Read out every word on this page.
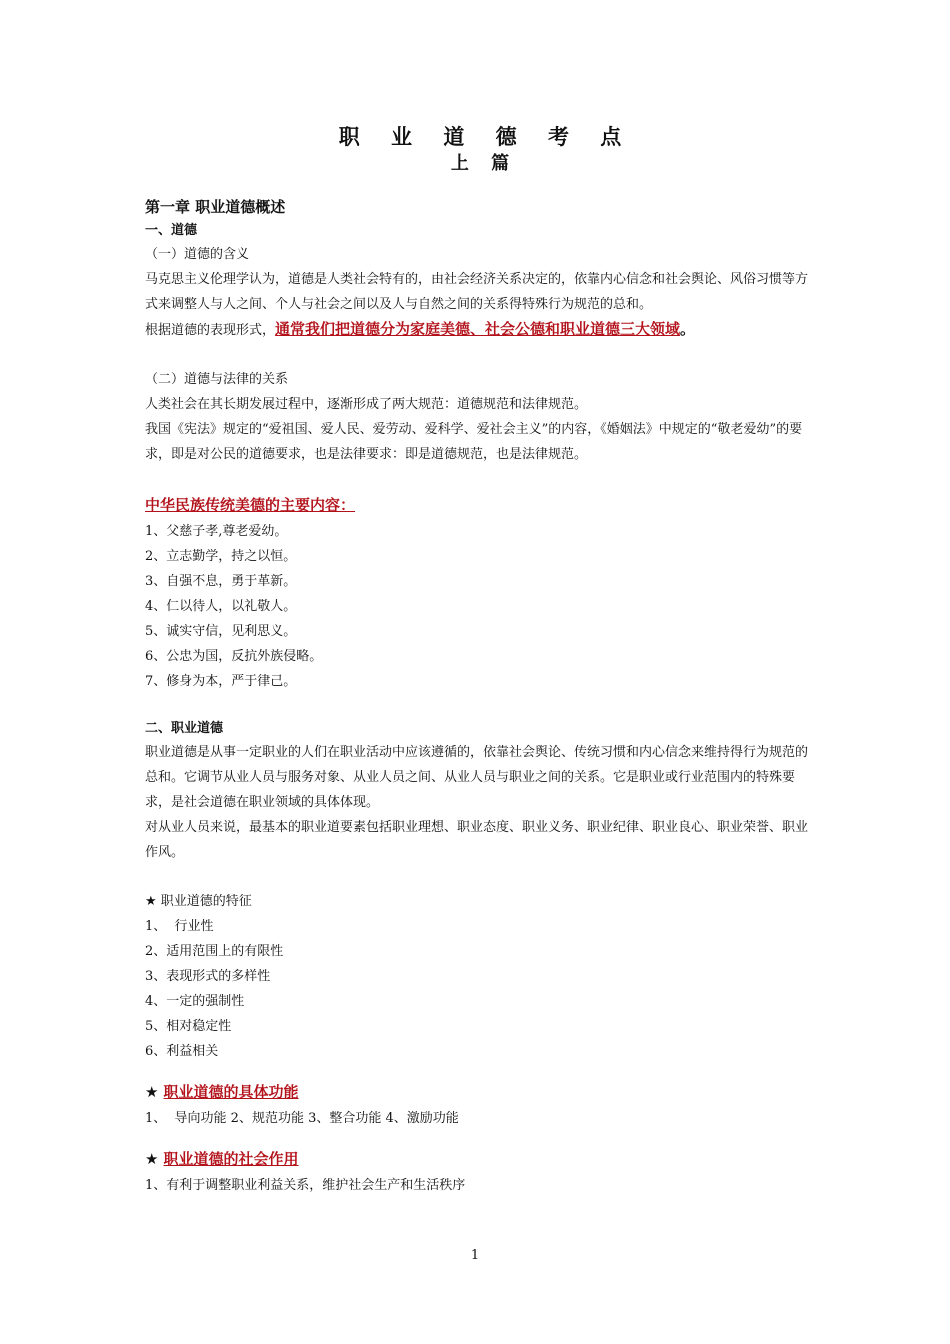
职 业 道 德 考 点

上 篇

第一章 职业道德概述

一、道德

（一）道德的含义

马克思主义伦理学认为，道德是人类社会特有的，由社会经济关系决定的，依靠内心信念和社会舆论、风俗习惯等方式来调整人与人之间、个人与社会之间以及人与自然之间的关系得特殊行为规范的总和。

根据道德的表现形式，通常我们把道德分为家庭美德、社会公德和职业道德三大领域。

（二）道德与法律的关系

人类社会在其长期发展过程中，逐渐形成了两大规范：道德规范和法律规范。

我国《宪法》规定的“爱祖国、爱人民、爱劳动、爱科学、爱社会主义”的内容，《婚姻法》中规定的“敬老爱幼”的要求，即是对公民的道德要求，也是法律要求：即是道德规范，也是法律规范。

中华民族传统美德的主要内容：

1、父慈子孝,尊老爱幼。

2、立志勤学，持之以恒。

3、自强不息，勇于革新。

4、仁以待人，以礼敬人。

5、诚实守信，见利思义。

6、公忠为国，反抗外族侵略。

7、修身为本，严于律己。

二、职业道德

职业道德是从事一定职业的人们在职业活动中应该遵循的，依靠社会舆论、传统习惯和内心信念来维持得行为规范的总和。它调节从业人员与服务对象、从业人员之间、从业人员与职业之间的关系。它是职业或行业范围内的特殊要求，是社会道德在职业领域的具体体现。

对从业人员来说，最基本的职业道要素包括职业理想、职业态度、职业义务、职业纪律、职业良心、职业荣誉、职业作风。

★ 职业道德的特征

1、  行业性

2、适用范围上的有限性

3、表现形式的多样性

4、一定的强制性

5、相对稳定性

6、利益相关

★ 职业道德的具体功能

1、  导向功能 2、规范功能 3、整合功能 4、激励功能

★ 职业道德的社会作用

1、有利于调整职业利益关系，维护社会生产和生活秩序

1
